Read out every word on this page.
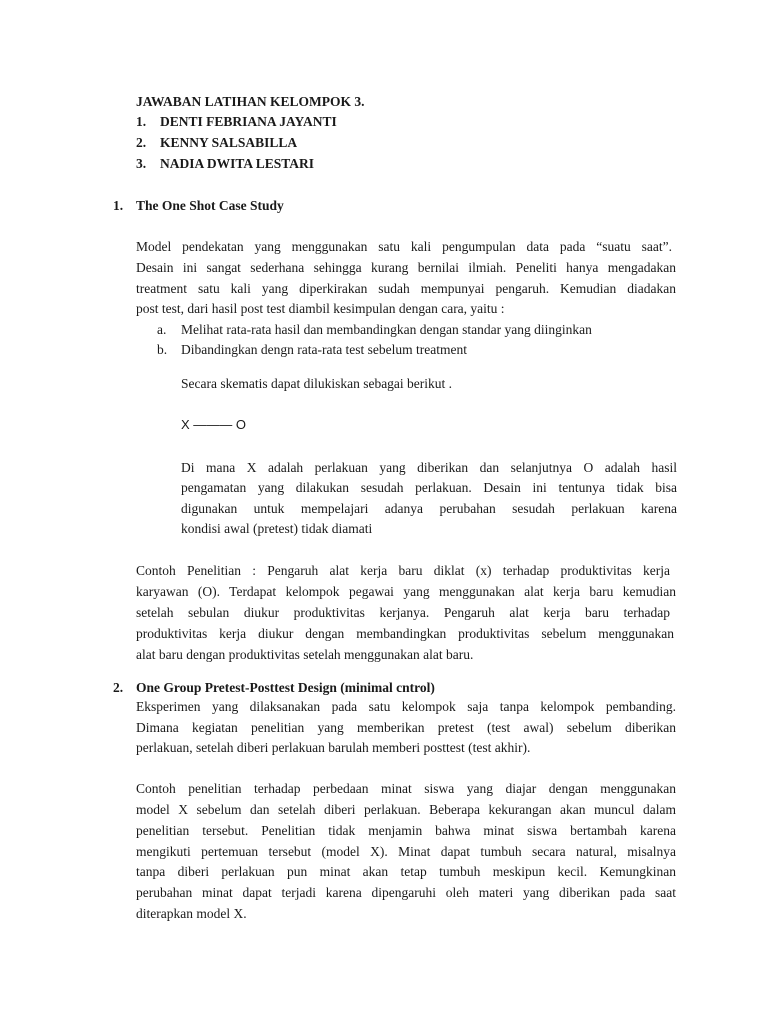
JAWABAN LATIHAN KELOMPOK 3.
1. DENTI FEBRIANA JAYANTI
2. KENNY SALSABILLA
3. NADIA DWITA LESTARI
1. The One Shot Case Study
Model pendekatan yang menggunakan satu kali pengumpulan data pada “suatu saat”.
Desain ini sangat sederhana sehingga kurang bernilai ilmiah. Peneliti hanya mengadakan
treatment satu kali yang diperkirakan sudah mempunyai pengaruh. Kemudian diadakan
post test, dari hasil post test diambil kesimpulan dengan cara, yaitu :
a. Melihat rata-rata hasil dan membandingkan dengan standar yang diinginkan
b. Dibandingkan dengn rata-rata test sebelum treatment
Secara skematis dapat dilukiskan sebagai berikut .
X ——— O
Di mana X adalah perlakuan yang diberikan dan selanjutnya O adalah hasil
pengamatan yang dilakukan sesudah perlakuan. Desain ini tentunya tidak bisa
digunakan untuk mempelajari adanya perubahan sesudah perlakuan karena
kondisi awal (pretest) tidak diamati
Contoh Penelitian : Pengaruh alat kerja baru diklat (x) terhadap produktivitas kerja
karyawan (O). Terdapat kelompok pegawai yang menggunakan alat kerja baru kemudian
setelah sebulan diukur produktivitas kerjanya. Pengaruh alat kerja baru terhadap
produktivitas kerja diukur dengan membandingkan produktivitas sebelum menggunakan
alat baru dengan produktivitas setelah menggunakan alat baru.
2. One Group Pretest-Posttest Design (minimal cntrol)
Eksperimen yang dilaksanakan pada satu kelompok saja tanpa kelompok pembanding.
Dimana kegiatan penelitian yang memberikan pretest (test awal) sebelum diberikan
perlakuan, setelah diberi perlakuan barulah memberi posttest (test akhir).
Contoh penelitian terhadap perbedaan minat siswa yang diajar dengan menggunakan
model X sebelum dan setelah diberi perlakuan. Beberapa kekurangan akan muncul dalam
penelitian tersebut. Penelitian tidak menjamin bahwa minat siswa bertambah karena
mengikuti pertemuan tersebut (model X). Minat dapat tumbuh secara natural, misalnya
tanpa diberi perlakuan pun minat akan tetap tumbuh meskipun kecil. Kemungkinan
perubahan minat dapat terjadi karena dipengaruhi oleh materi yang diberikan pada saat
diterapkan model X.
